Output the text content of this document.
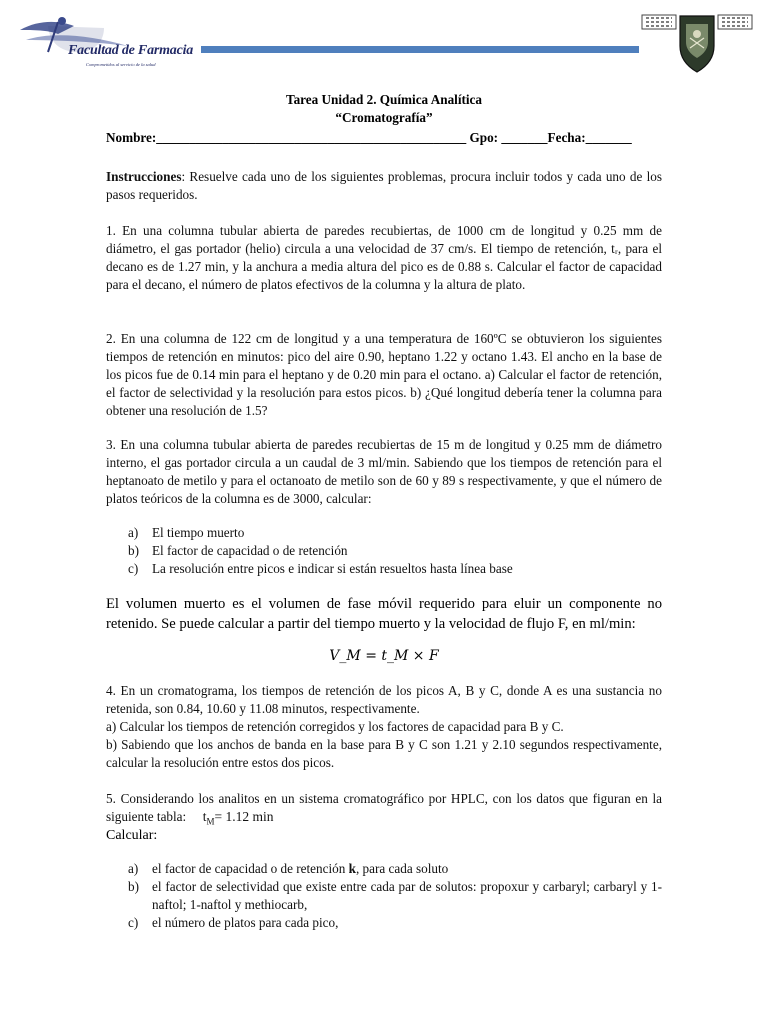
Facultad de Farmacia
Comprometidos al servicio de la salud
Tarea Unidad 2. Química Analítica
“Cromatografía”
Nombre:_______________________________________________ Gpo: _______Fecha:_______
Instrucciones: Resuelve cada uno de los siguientes problemas, procura incluir todos y cada uno de los pasos requeridos.
1. En una columna tubular abierta de paredes recubiertas, de 1000 cm de longitud y 0.25 mm de diámetro, el gas portador (helio) circula a una velocidad de 37 cm/s. El tiempo de retención, tᵣ, para el decano es de 1.27 min, y la anchura a media altura del pico es de 0.88 s. Calcular el factor de capacidad para el decano, el número de platos efectivos de la columna y la altura de plato.
2. En una columna de 122 cm de longitud y a una temperatura de 160ºC se obtuvieron los siguientes tiempos de retención en minutos: pico del aire 0.90, heptano 1.22 y octano 1.43. El ancho en la base de los picos fue de 0.14 min para el heptano y de 0.20 min para el octano. a) Calcular el factor de retención, el factor de selectividad y la resolución para estos picos. b) ¿Qué longitud debería tener la columna para obtener una resolución de 1.5?
3. En una columna tubular abierta de paredes recubiertas de 15 m de longitud y 0.25 mm de diámetro interno, el gas portador circula a un caudal de 3 ml/min. Sabiendo que los tiempos de retención para el heptanoato de metilo y para el octanoato de metilo son de 60 y 89 s respectivamente, y que el número de platos teóricos de la columna es de 3000, calcular:
a) El tiempo muerto
b) El factor de capacidad o de retención
c) La resolución entre picos e indicar si están resueltos hasta línea base
El volumen muerto es el volumen de fase móvil requerido para eluir un componente no retenido. Se puede calcular a partir del tiempo muerto y la velocidad de flujo F, en ml/min:
V_M = t_M × F
4. En un cromatograma, los tiempos de retención de los picos A, B y C, donde A es una sustancia no retenida, son 0.84, 10.60 y 11.08 minutos, respectivamente.
a) Calcular los tiempos de retención corregidos y los factores de capacidad para B y C.
b) Sabiendo que los anchos de banda en la base para B y C son 1.21 y 2.10 segundos respectivamente, calcular la resolución entre estos dos picos.
5. Considerando los analitos en un sistema cromatográfico por HPLC, con los datos que figuran en la siguiente tabla: $t_M= 1.12$ min
Calcular:
a) el factor de capacidad o de retención k, para cada soluto
b) el factor de selectividad que existe entre cada par de solutos: propoxur y carbaryl; carbaryl y 1-naftol; 1-naftol y methiocarb,
c) el número de platos para cada pico,
